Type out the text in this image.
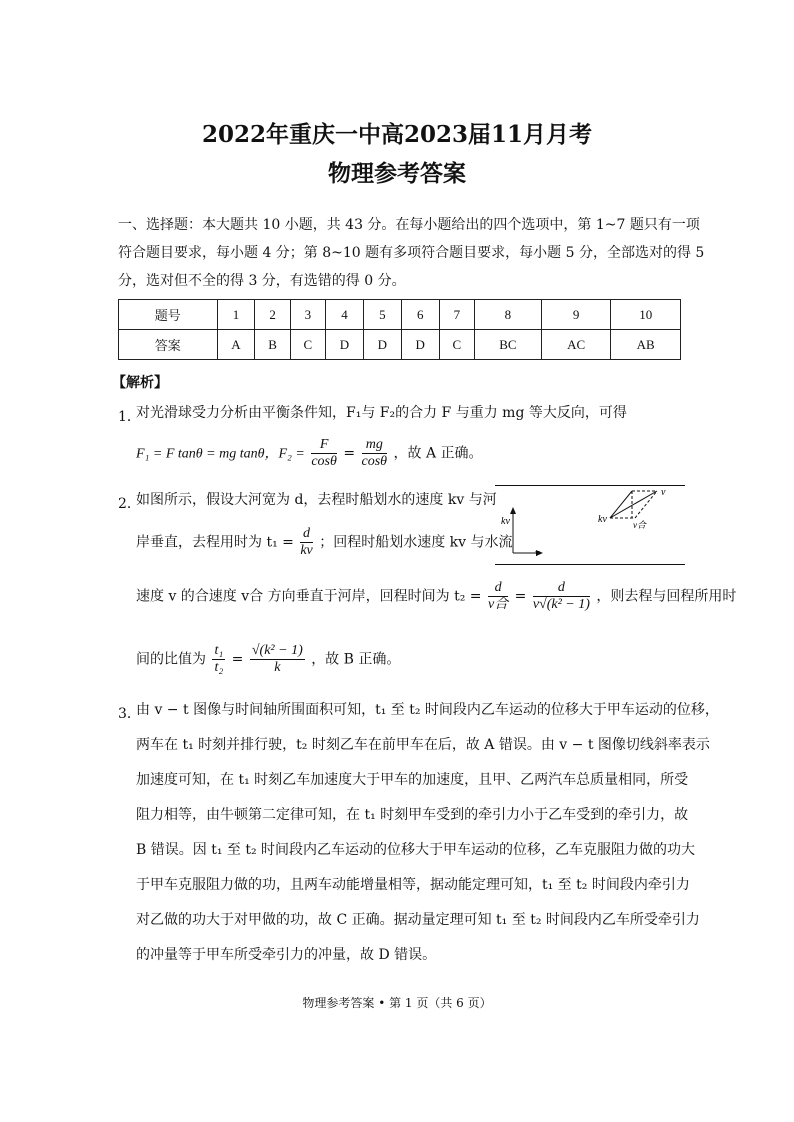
2022年重庆一中高2023届11月月考
物理参考答案
一、选择题：本大题共 10 小题，共 43 分。在每小题给出的四个选项中，第 1~7 题只有一项
符合题目要求，每小题 4 分；第 8~10 题有多项符合题目要求，每小题 5 分，全部选对的得 5
分，选对但不全的得 3 分，有选错的得 0 分。
题号	1	2	3	4	5	6	7	8	9	10
答案	A	B	C	D	D	D	C	BC	AC	AB
【解析】
1．
对光滑球受力分析由平衡条件知，F₁与 F₂的合力 F 与重力 mg 等大反向，可得
F₁ = F tanθ = mg tanθ，$F_2 = \frac{F}{\cos\theta} = \frac{mg}{\cos\theta}$ ，故 A 正确。
2．
如图所示，假设大河宽为 d，去程时船划水的速度 kv 与河
岸垂直，去程用时为 $t_1 = \frac{d}{kv}$ ；回程时船划水速度 kv 与水流
速度 v 的合速度 v合 方向垂直于河岸，回程时间为 $t_2 = \frac{d}{\text{v合}} = \frac{d}{\text{v√(k² − 1)}}$ ，则去程与回程所用时
间的比值为 $\frac{\text{t₁}}{\text{t₂}} = \frac{\text{√(k² − 1)}}{k}$ ，故 B 正确。
kv
v
kv
v
v合
3．
由 v − t 图像与时间轴所围面积可知，t₁ 至 t₂ 时间段内乙车运动的位移大于甲车运动的位移，
两车在 t₁ 时刻并排行驶，t₂ 时刻乙车在前甲车在后，故 A 错误。由 v − t 图像切线斜率表示
加速度可知，在 t₁ 时刻乙车加速度大于甲车的加速度，且甲、乙两汽车总质量相同，所受
阻力相等，由牛顿第二定律可知，在 t₁ 时刻甲车受到的牵引力小于乙车受到的牵引力，故
B 错误。因 t₁ 至 t₂ 时间段内乙车运动的位移大于甲车运动的位移，乙车克服阻力做的功大
于甲车克服阻力做的功，且两车动能增量相等，据动能定理可知，t₁ 至 t₂ 时间段内牵引力
对乙做的功大于对甲做的功，故 C 正确。据动量定理可知 t₁ 至 t₂ 时间段内乙车所受牵引力
的冲量等于甲车所受牵引力的冲量，故 D 错误。
物理参考答案 • 第 1 页（共 6 页）
